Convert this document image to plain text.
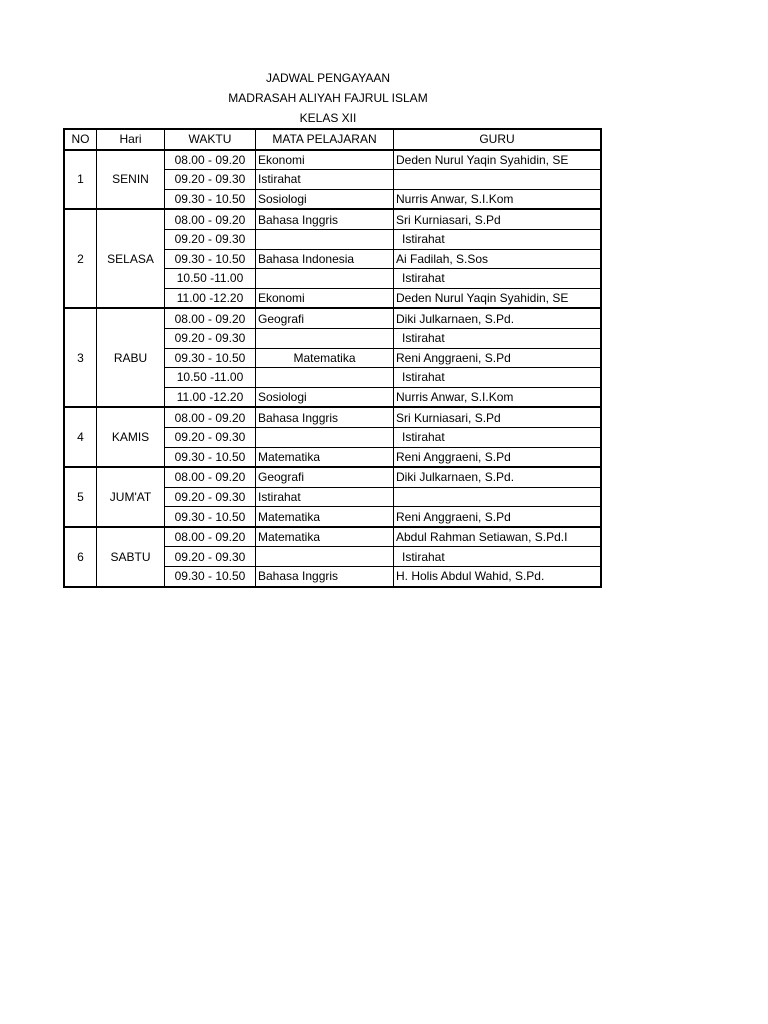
JADWAL PENGAYAAN
MADRASAH ALIYAH FAJRUL ISLAM
KELAS XII
NO	Hari	WAKTU	MATA PELAJARAN	GURU
1	SENIN	08.00 - 09.20	Ekonomi	Deden Nurul Yaqin Syahidin, SE
		09.20 - 09.30	Istirahat	
		09.30 - 10.50	Sosiologi	Nurris Anwar, S.I.Kom
2	SELASA	08.00 - 09.20	Bahasa Inggris	Sri Kurniasari, S.Pd
		09.20 - 09.30		Istirahat
		09.30 - 10.50	Bahasa Indonesia	Ai Fadilah, S.Sos
		10.50 -11.00		Istirahat
		11.00 -12.20	Ekonomi	Deden Nurul Yaqin Syahidin, SE
3	RABU	08.00 - 09.20	Geografi	Diki Julkarnaen, S.Pd.
		09.20 - 09.30		Istirahat
		09.30 - 10.50	Matematika	Reni Anggraeni, S.Pd
		10.50 -11.00		Istirahat
		11.00 -12.20	Sosiologi	Nurris Anwar, S.I.Kom
4	KAMIS	08.00 - 09.20	Bahasa Inggris	Sri Kurniasari, S.Pd
		09.20 - 09.30		Istirahat
		09.30 - 10.50	Matematika	Reni Anggraeni, S.Pd
5	JUM'AT	08.00 - 09.20	Geografi	Diki Julkarnaen, S.Pd.
		09.20 - 09.30	Istirahat	
		09.30 - 10.50	Matematika	Reni Anggraeni, S.Pd
6	SABTU	08.00 - 09.20	Matematika	Abdul Rahman Setiawan, S.Pd.I
		09.20 - 09.30		Istirahat
		09.30 - 10.50	Bahasa Inggris	H. Holis Abdul Wahid, S.Pd.
